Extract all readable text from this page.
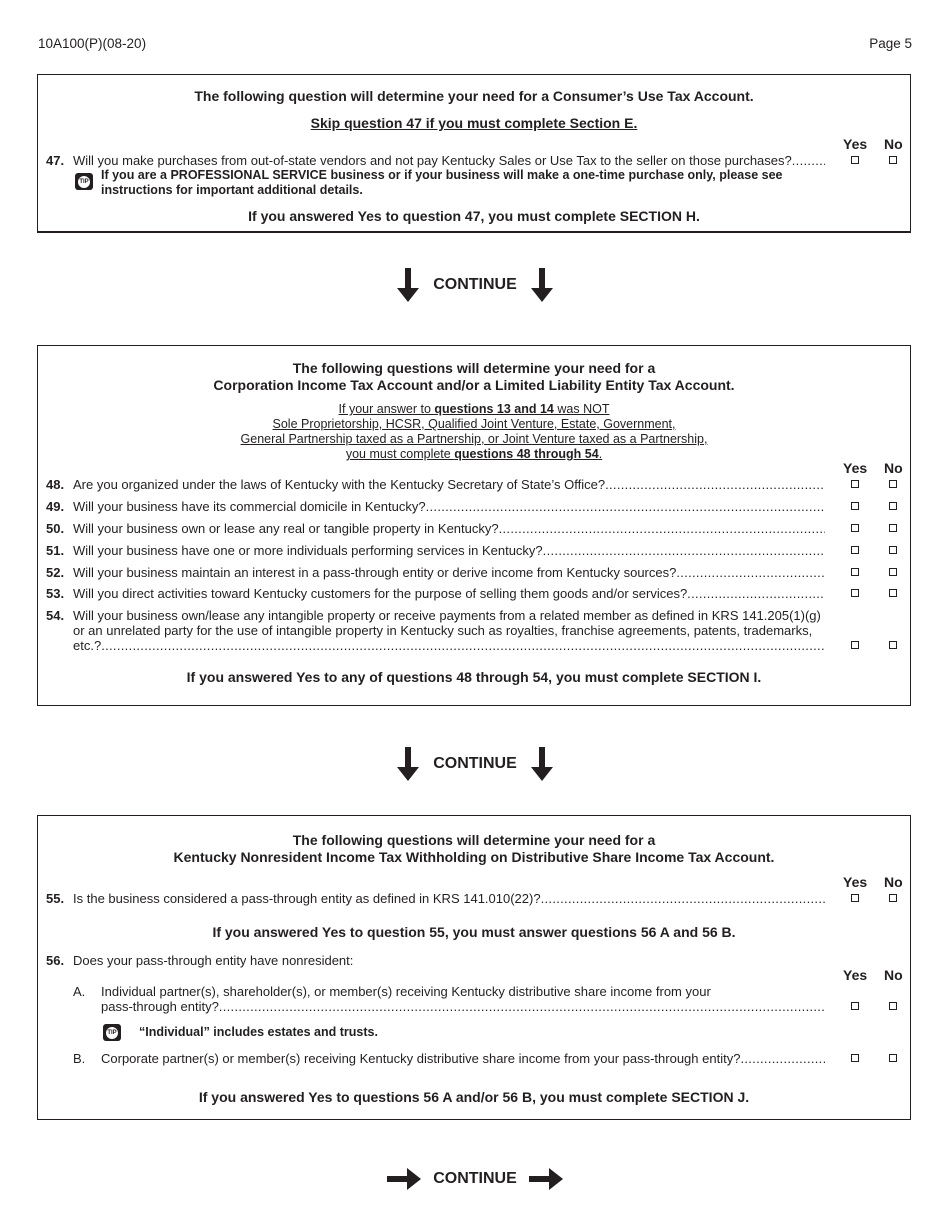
10A100(P)(08-20)	Page 5
The following question will determine your need for a Consumer’s Use Tax Account.
Skip question 47 if you must complete Section E.
Yes No
47. Will you make purchases from out-of-state vendors and not pay Kentucky Sales or Use Tax to the seller on those purchases?
.....
TIP If you are a PROFESSIONAL SERVICE business or if your business will make a one-time purchase only, please see
instructions for important additional details.
If you answered Yes to question 47, you must complete SECTION H.
CONTINUE
The following questions will determine your need for a
Corporation Income Tax Account and/or a Limited Liability Entity Tax Account.
If your answer to questions 13 and 14 was NOT
Sole Proprietorship, HCSR, Qualified Joint Venture, Estate, Government,
General Partnership taxed as a Partnership, or Joint Venture taxed as a Partnership,
you must complete questions 48 through 54.
Yes No
48. Are you organized under the laws of Kentucky with the Kentucky Secretary of State’s Office?
.....
49. Will your business have its commercial domicile in Kentucky?
.....
50. Will your business own or lease any real or tangible property in Kentucky?
.....
51. Will your business have one or more individuals performing services in Kentucky?
.....
52. Will your business maintain an interest in a pass-through entity or derive income from Kentucky sources?
.....
53. Will you direct activities toward Kentucky customers for the purpose of selling them goods and/or services?
.....
54. Will your business own/lease any intangible property or receive payments from a related member as defined in KRS 141.205(1)(g)
or an unrelated party for the use of intangible property in Kentucky such as royalties, franchise agreements, patents, trademarks,
etc.?
.....
If you answered Yes to any of questions 48 through 54, you must complete SECTION I.
CONTINUE
The following questions will determine your need for a
Kentucky Nonresident Income Tax Withholding on Distributive Share Income Tax Account.
Yes No
55. Is the business considered a pass-through entity as defined in KRS 141.010(22)?
.....
If you answered Yes to question 55, you must answer questions 56 A and 56 B.
56. Does your pass-through entity have nonresident:
Yes No
A. Individual partner(s), shareholder(s), or member(s) receiving Kentucky distributive share income from your
pass-through entity?
.....
TIP “Individual” includes estates and trusts.
B. Corporate partner(s) or member(s) receiving Kentucky distributive share income from your pass-through entity?
.....
If you answered Yes to questions 56 A and/or 56 B, you must complete SECTION J.
CONTINUE
